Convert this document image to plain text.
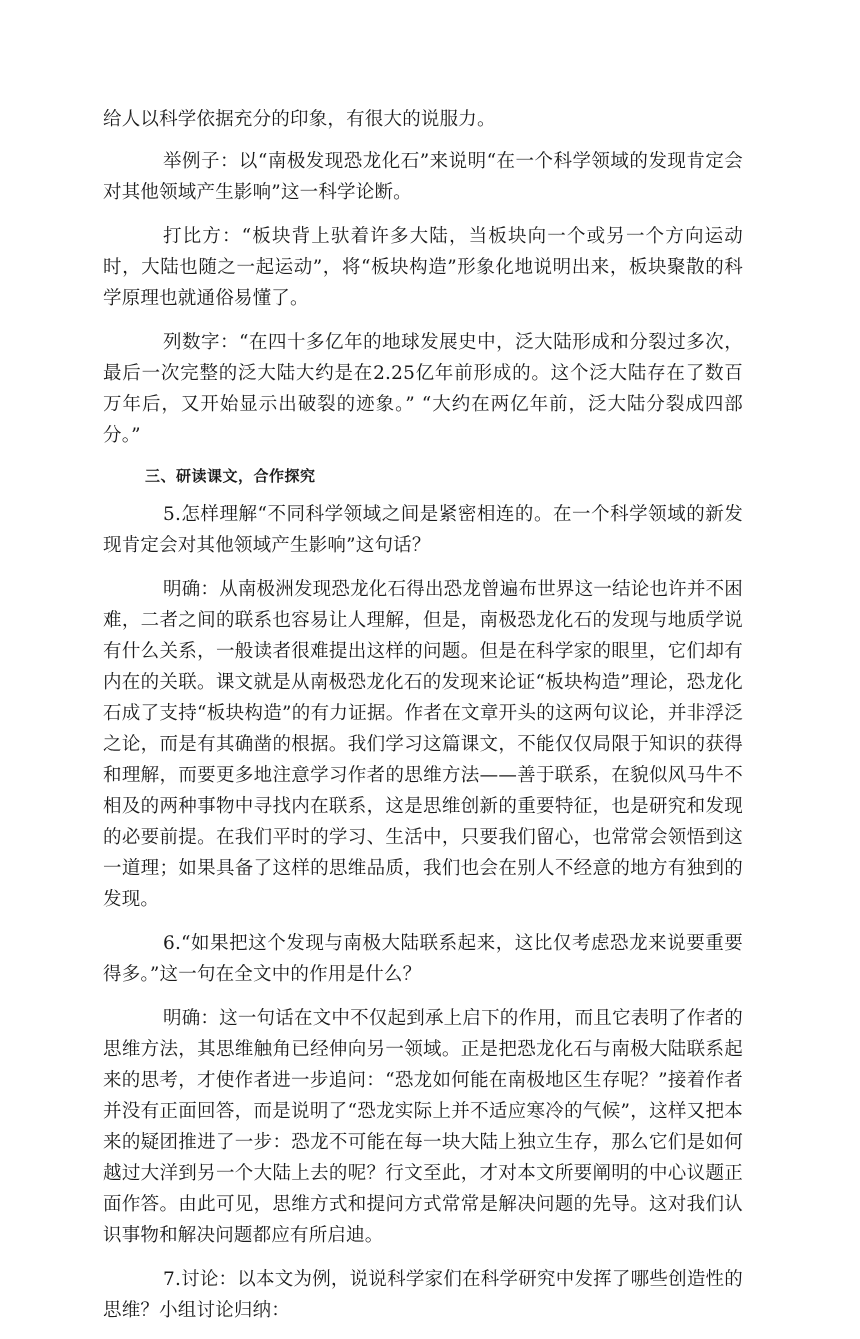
给人以科学依据充分的印象，有很大的说服力。

举例子：以“南极发现恐龙化石”来说明“在一个科学领域的发现肯定会对其他领域产生影响”这一科学论断。

打比方：“板块背上驮着许多大陆，当板块向一个或另一个方向运动时，大陆也随之一起运动”，将“板块构造”形象化地说明出来，板块聚散的科学原理也就通俗易懂了。

列数字：“在四十多亿年的地球发展史中，泛大陆形成和分裂过多次，最后一次完整的泛大陆大约是在2.25亿年前形成的。这个泛大陆存在了数百万年后，又开始显示出破裂的迹象。” “大约在两亿年前，泛大陆分裂成四部分。”

三、研读课文，合作探究

5.怎样理解“不同科学领域之间是紧密相连的。在一个科学领域的新发现肯定会对其他领域产生影响”这句话？

明确：从南极洲发现恐龙化石得出恐龙曾遍布世界这一结论也许并不困难，二者之间的联系也容易让人理解，但是，南极恐龙化石的发现与地质学说有什么关系，一般读者很难提出这样的问题。但是在科学家的眼里，它们却有内在的关联。课文就是从南极恐龙化石的发现来论证“板块构造”理论，恐龙化石成了支持“板块构造”的有力证据。作者在文章开头的这两句议论，并非浮泛之论，而是有其确凿的根据。我们学习这篇课文，不能仅仅局限于知识的获得和理解，而要更多地注意学习作者的思维方法——善于联系，在貌似风马牛不相及的两种事物中寻找内在联系，这是思维创新的重要特征，也是研究和发现的必要前提。在我们平时的学习、生活中，只要我们留心，也常常会领悟到这一道理；如果具备了这样的思维品质，我们也会在别人不经意的地方有独到的发现。

6.“如果把这个发现与南极大陆联系起来，这比仅考虑恐龙来说要重要得多。”这一句在全文中的作用是什么？

明确：这一句话在文中不仅起到承上启下的作用，而且它表明了作者的思维方法，其思维触角已经伸向另一领域。正是把恐龙化石与南极大陆联系起来的思考，才使作者进一步追问：“恐龙如何能在南极地区生存呢？”接着作者并没有正面回答，而是说明了“恐龙实际上并不适应寒冷的气候”，这样又把本来的疑团推进了一步：恐龙不可能在每一块大陆上独立生存，那么它们是如何越过大洋到另一个大陆上去的呢？行文至此，才对本文所要阐明的中心议题正面作答。由此可见，思维方式和提问方式常常是解决问题的先导。这对我们认识事物和解决问题都应有所启迪。

7.讨论：以本文为例，说说科学家们在科学研究中发挥了哪些创造性的思维？小组讨论归纳：
